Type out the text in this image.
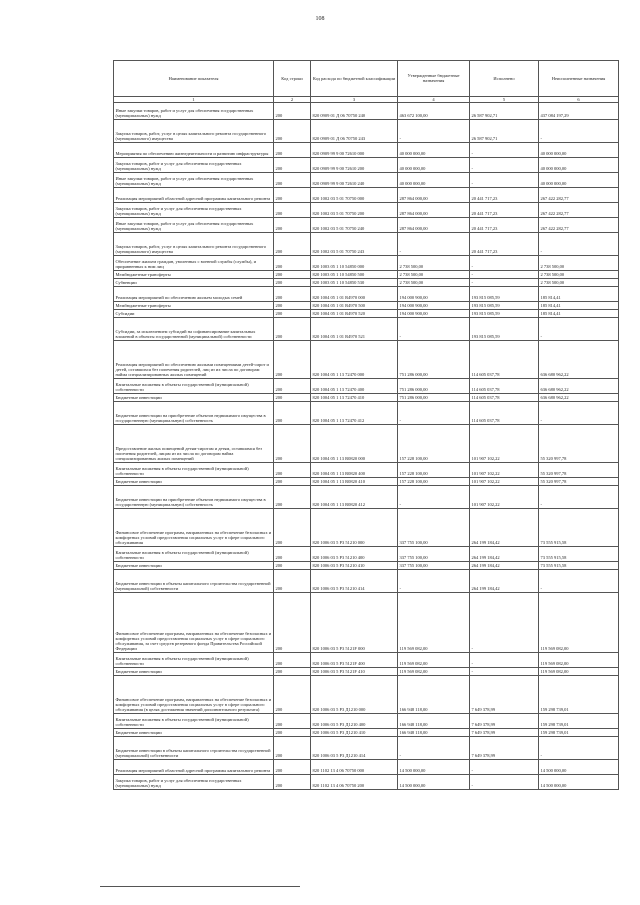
108
Наименование показателя	Код строки	Код расхода по бюджетной классификации	Утвержденные бюджетные назначения	Исполнено	Неисполненные назначения
1	2	3	4	5	6
Иные закупки товаров, работ и услуг для обеспечения государственных (муниципальных) нужд	200	820 0909 01 Д 06 70750 240	463 672 100,00	26 587 902,71	437 084 197,29
Закупка товаров, работ, услуг в целях капитального ремонта государственного (муниципального) имущества	200	820 0909 01 Д 06 70750 243	-	26 587 902,71	-
Мероприятия по обеспечению жизнедеятельности и развитию инфраструктуры	200	820 0909 99 9 00 72610 000	40 000 000,00	-	40 000 000,00
Закупка товаров, работ и услуг для обеспечения государственных (муниципальных) нужд	200	820 0909 99 9 00 72610 200	40 000 000,00	-	40 000 000,00
Иные закупки товаров, работ и услуг для обеспечения государственных (муниципальных) нужд	200	820 0909 99 9 00 72610 240	40 000 000,00	-	40 000 000,00
Реализация мероприятий областной адресной программы капитального ремонта	200	820 1002 03 5 01 70750 000	287 864 000,00	20 441 717,23	267 422 282,77
Закупка товаров, работ и услуг для обеспечения государственных (муниципальных) нужд	200	820 1002 03 5 01 70750 200	287 864 000,00	20 441 717,23	267 422 282,77
Иные закупки товаров, работ и услуг для обеспечения государственных (муниципальных) нужд	200	820 1002 03 5 01 70750 240	287 864 000,00	20 441 717,23	267 422 282,77
Закупка товаров, работ, услуг в целях капитального ремонта государственного (муниципального) имущества	200	820 1002 03 5 01 70750 243	-	20 441 717,23	-
Обеспечение жильем граждан, уволенных с военной службы (службы), и приравненных к ним лиц	200	820 1003 05 1 10 54850 000	2 738 500,00	-	2 738 500,00
Межбюджетные трансферты	200	820 1003 05 1 10 54850 500	2 738 500,00	-	2 738 500,00
Субвенции	200	820 1003 05 1 10 54850 530	2 738 500,00	-	2 738 500,00
Реализация мероприятий по обеспечению жильем молодых семей	200	820 1004 05 1 01 R4970 000	194 000 900,00	193 815 085,59	185 814,41
Межбюджетные трансферты	200	820 1004 05 1 01 R4970 500	194 000 900,00	193 815 085,59	185 814,41
Субсидии	200	820 1004 05 1 01 R4970 520	194 000 900,00	193 815 085,59	185 814,41
Субсидии, за исключением субсидий на софинансирование капитальных вложений в объекты государственной (муниципальной) собственности	200	820 1004 05 1 01 R4970 521	-	193 815 085,59	-
Реализация мероприятий по обеспечению жилыми помещениями детей-сирот и детей, оставшихся без попечения родителей, лиц из их числа по договорам найма специализированных жилых помещений	200	820 1004 05 1 13 72470 000	751 286 000,00	114 605 037,78	636 680 962,22
Капитальные вложения в объекты государственной (муниципальной) собственности	200	820 1004 05 1 13 72470 400	751 286 000,00	114 605 037,78	636 680 962,22
Бюджетные инвестиции	200	820 1004 05 1 13 72470 410	751 286 000,00	114 605 037,78	636 680 962,22
Бюджетные инвестиции на приобретение объектов недвижимого имущества в государственную (муниципальную) собственность	200	820 1004 05 1 13 72470 412	-	114 605 037,78	-
Предоставление жилых помещений детям-сиротам и детям, оставшимся без попечения родителей, лицам из их числа по договорам найма специализированных жилых помещений	200	820 1004 05 1 13 R0820 000	157 228 100,00	101 907 102,22	55 320 997,78
Капитальные вложения в объекты государственной (муниципальной) собственности	200	820 1004 05 1 13 R0820 400	157 228 100,00	101 907 102,22	55 320 997,78
Бюджетные инвестиции	200	820 1004 05 1 13 R0820 410	157 228 100,00	101 907 102,22	55 320 997,78
Бюджетные инвестиции на приобретение объектов недвижимого имущества в государственную (муниципальную) собственность	200	820 1004 05 1 13 R0820 412	-	101 907 102,22	-
Финансовое обеспечение программ, направленных на обеспечение безопасных и комфортных условий предоставления социальных услуг в сфере социального обслуживания	200	820 1006 03 5 P3 51210 000	337 755 100,00	264 199 184,42	73 555 915,58
Капитальные вложения в объекты государственной (муниципальной) собственности	200	820 1006 03 5 P3 51210 400	337 755 100,00	264 199 184,42	73 555 915,58
Бюджетные инвестиции	200	820 1006 03 5 P3 51210 410	337 755 100,00	264 199 184,42	73 555 915,58
Бюджетные инвестиции в объекты капитального строительства государственной (муниципальной) собственности	200	820 1006 03 5 P3 51210 414	-	264 199 184,42	-
Финансовое обеспечение программ, направленных на обеспечение безопасных и комфортных условий предоставления социальных услуг в сфере социального обслуживания, за счет средств резервного фонда Правительства Российской Федерации	200	820 1006 03 5 P3 5121F 000	119 569 082,00	-	119 569 082,00
Капитальные вложения в объекты государственной (муниципальной) собственности	200	820 1006 03 5 P3 5121F 400	119 569 082,00	-	119 569 082,00
Бюджетные инвестиции	200	820 1006 03 5 P3 5121F 410	119 569 082,00	-	119 569 082,00
Финансовое обеспечение программ, направленных на обеспечение безопасных и комфортных условий предоставления социальных услуг в сфере социального обслуживания (в целях достижения значений дополнительного результата)	200	820 1006 03 5 P3 Д1210 000	166 948 118,00	7 649 378,99	159 298 739,01
Капитальные вложения в объекты государственной (муниципальной) собственности	200	820 1006 03 5 P3 Д1210 400	166 948 118,00	7 649 378,99	159 298 739,01
Бюджетные инвестиции	200	820 1006 03 5 P3 Д1210 410	166 948 118,00	7 649 378,99	159 298 739,01
Бюджетные инвестиции в объекты капитального строительства государственной (муниципальной) собственности	200	820 1006 03 5 P3 Д1210 414	-	7 649 378,99	-
Реализация мероприятий областной адресной программы капитального ремонта	200	820 1102 13 4 06 70750 000	14 500 000,00	-	14 500 000,00
Закупка товаров, работ и услуг для обеспечения государственных (муниципальных) нужд	200	820 1102 13 4 06 70750 200	14 500 000,00	-	14 500 000,00
